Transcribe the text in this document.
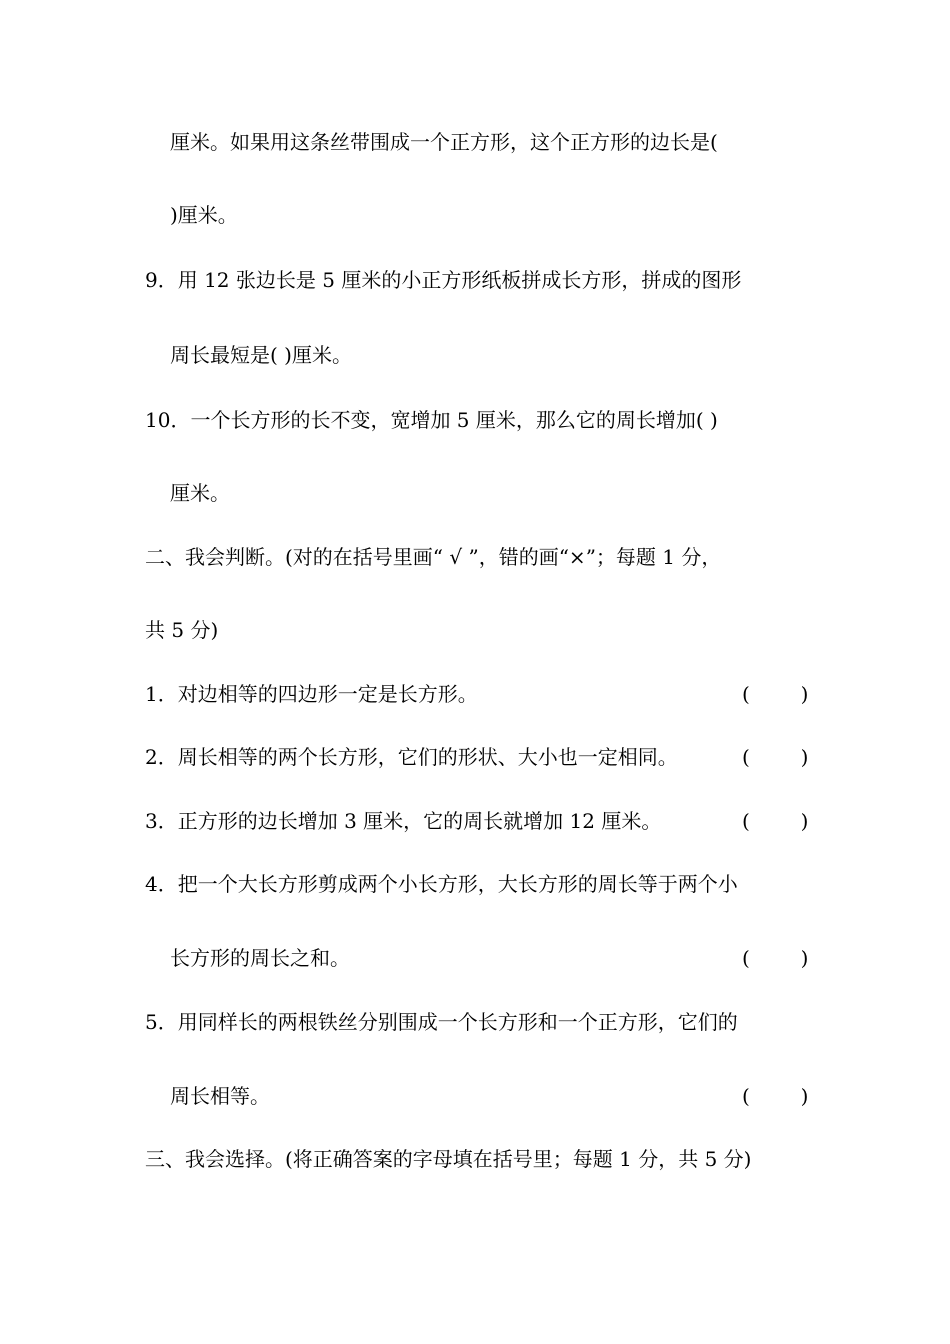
厘米。如果用这条丝带围成一个正方形，这个正方形的边长是(
)厘米。
9．用 12 张边长是 5 厘米的小正方形纸板拼成长方形，拼成的图形
周长最短是( )厘米。
10．一个长方形的长不变，宽增加 5 厘米，那么它的周长增加( )
厘米。
二、我会判断。(对的在括号里画“ √ ”，错的画“×”；每题 1 分，
共 5 分)
1．对边相等的四边形一定是长方形。	(        )
2．周长相等的两个长方形，它们的形状、大小也一定相同。	(        )
3．正方形的边长增加 3 厘米，它的周长就增加 12 厘米。	(        )
4．把一个大长方形剪成两个小长方形，大长方形的周长等于两个小
长方形的周长之和。	(        )
5．用同样长的两根铁丝分别围成一个长方形和一个正方形，它们的
周长相等。	(        )
三、我会选择。(将正确答案的字母填在括号里；每题 1 分，共 5 分)
